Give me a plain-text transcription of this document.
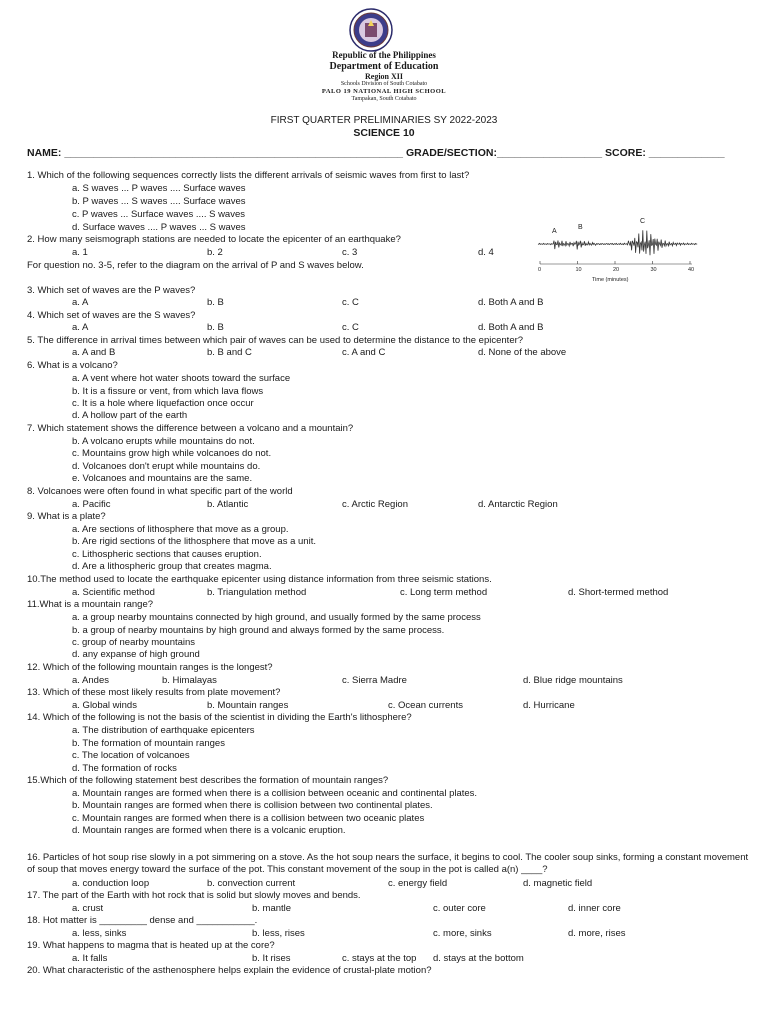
Republic of the Philippines
Department of Education
Region XII
Schools Division of South Cotabato
PALO 19 NATIONAL HIGH SCHOOL
Tampakan, South Cotabato
FIRST QUARTER PRELIMINARIES SY 2022-2023
SCIENCE 10
NAME: __________________________________________________________ GRADE/SECTION:__________________ SCORE: _____________
A
B
C
0	10	20	30	40
Time (minutes)
1. Which of the following sequences correctly lists the different arrivals of seismic waves from first to last?
a. S waves ... P waves .... Surface waves
b. P waves ... S waves .... Surface waves
c. P waves ... Surface waves .... S waves
d. Surface waves .... P waves ... S waves
2. How many seismograph stations are needed to locate the epicenter of an earthquake?
a. 1	b. 2	c. 3	d. 4
For question no. 3-5, refer to the diagram on the arrival of P and S waves below.
3. Which set of waves are the P waves?
a. A	b. B	c. C	d. Both A and B
4. Which set of waves are the S waves?
a. A	b. B	c. C	d. Both A and B
5. The difference in arrival times between which pair of waves can be used to determine the distance to the epicenter?
a. A and B	b. B and C	c. A and C	d. None of the above
6. What is a volcano?
a. A vent where hot water shoots toward the surface
b. It is a fissure or vent, from which lava flows
c. It is a hole where liquefaction once occur
d. A hollow part of the earth
7. Which statement shows the difference between a volcano and a mountain?
b. A volcano erupts while mountains do not.
c. Mountains grow high while volcanoes do not.
d. Volcanoes don't erupt while mountains do.
e. Volcanoes and mountains are the same.
8. Volcanoes were often found in what specific part of the world
a. Pacific	b. Atlantic	c. Arctic Region	d. Antarctic Region
9. What is a plate?
a. Are sections of lithosphere that move as a group.
b. Are rigid sections of the lithosphere that move as a unit.
c. Lithospheric sections that causes eruption.
d. Are a lithospheric group that creates magma.
10.The method used to locate the earthquake epicenter using distance information from three seismic stations.
a. Scientific method	b. Triangulation method	c. Long term method	d. Short-termed method
11.What is a mountain range?
a. a group nearby mountains connected by high ground, and usually formed by the same process
b. a group of nearby mountains by high ground and always formed by the same process.
c. group of nearby mountains
d. any expanse of high ground
12. Which of the following mountain ranges is the longest?
a. Andes	b. Himalayas	c. Sierra Madre	d. Blue ridge mountains
13. Which of these most likely results from plate movement?
a. Global winds	b. Mountain ranges	c. Ocean currents	d. Hurricane
14. Which of the following is not the basis of the scientist in dividing the Earth's lithosphere?
a. The distribution of earthquake epicenters
b. The formation of mountain ranges
c. The location of volcanoes
d. The formation of rocks
15.Which of the following statement best describes the formation of mountain ranges?
a. Mountain ranges are formed when there is a collision between oceanic and continental plates.
b. Mountain ranges are formed when there is collision between two continental plates.
c. Mountain ranges are formed when there is a collision between two oceanic plates
d. Mountain ranges are formed when there is a volcanic eruption.
16. Particles of hot soup rise slowly in a pot simmering on a stove. As the hot soup nears the surface, it begins to cool. The cooler soup sinks, forming a constant movement of soup that moves energy toward the surface of the pot. This constant movement of the soup in the pot is called a(n) ____?
a. conduction loop	b. convection current	c. energy field	d. magnetic field
17. The part of the Earth with hot rock that is solid but slowly moves and bends.
a. crust	b. mantle	c. outer core	d. inner core
18. Hot matter is _________ dense and ___________.
a. less, sinks	b. less, rises	c. more, sinks	d. more, rises
19. What happens to magma that is heated up at the core?
a. It falls	b. It rises	c. stays at the top d. stays at the bottom
20. What characteristic of the asthenosphere helps explain the evidence of crustal-plate motion?
